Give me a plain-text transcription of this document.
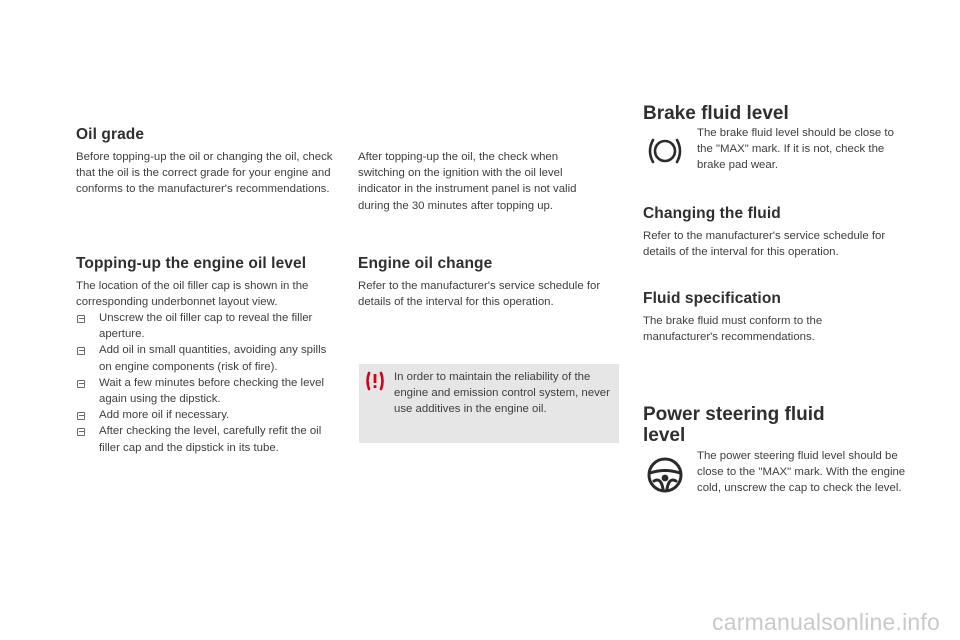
Oil grade

Before topping-up the oil or changing the oil, check that the oil is the correct grade for your engine and conforms to the manufacturer's recommendations.

Topping-up the engine oil level

The location of the oil filler cap is shown in the corresponding underbonnet layout view.

Unscrew the oil filler cap to reveal the filler aperture.
Add oil in small quantities, avoiding any spills on engine components (risk of fire).
Wait a few minutes before checking the level again using the dipstick.
Add more oil if necessary.
After checking the level, carefully refit the oil filler cap and the dipstick in its tube.

After topping-up the oil, the check when switching on the ignition with the oil level indicator in the instrument panel is not valid during the 30 minutes after topping up.

Engine oil change

Refer to the manufacturer's service schedule for details of the interval for this operation.

In order to maintain the reliability of the engine and emission control system, never use additives in the engine oil.

Brake fluid level

The brake fluid level should be close to the "MAX" mark. If it is not, check the brake pad wear.

Changing the fluid

Refer to the manufacturer's service schedule for details of the interval for this operation.

Fluid specification

The brake fluid must conform to the manufacturer's recommendations.

Power steering fluid level

The power steering fluid level should be close to the "MAX" mark. With the engine cold, unscrew the cap to check the level.

carmanualsonline.info
